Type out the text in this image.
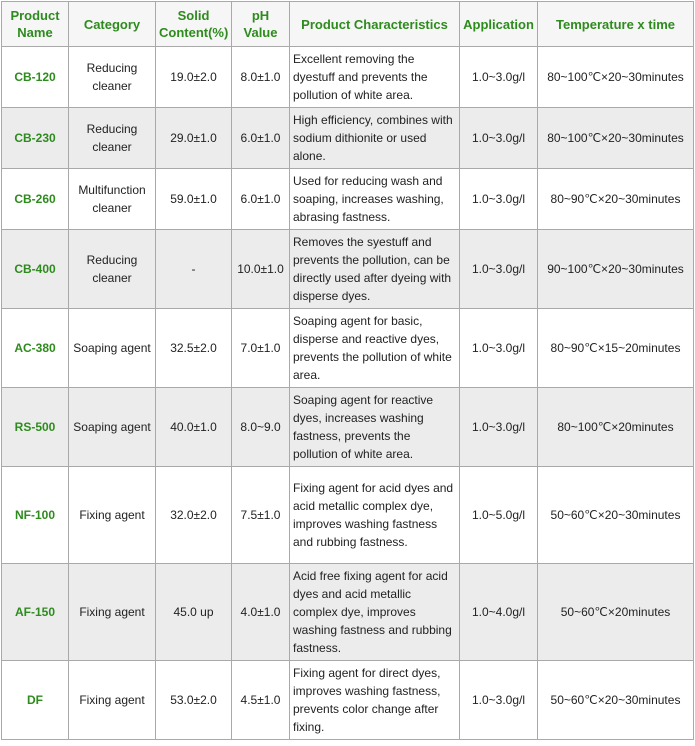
Product Name	Category	Solid Content(%)	pH Value	Product Characteristics	Application	Temperature x time
CB-120	Reducing cleaner	19.0±2.0	8.0±1.0	Excellent removing the dyestuff and prevents the pollution of white area.	1.0~3.0g/l	80~100℃×20~30minutes
CB-230	Reducing cleaner	29.0±1.0	6.0±1.0	High efficiency, combines with sodium dithionite or used alone.	1.0~3.0g/l	80~100℃×20~30minutes
CB-260	Multifunction cleaner	59.0±1.0	6.0±1.0	Used for reducing wash and soaping, increases washing, abrasing fastness.	1.0~3.0g/l	80~90℃×20~30minutes
CB-400	Reducing cleaner	-	10.0±1.0	Removes the syestuff and prevents the pollution, can be directly used after dyeing with disperse dyes.	1.0~3.0g/l	90~100℃×20~30minutes
AC-380	Soaping agent	32.5±2.0	7.0±1.0	Soaping agent for basic, disperse and reactive dyes, prevents the pollution of white area.	1.0~3.0g/l	80~90℃×15~20minutes
RS-500	Soaping agent	40.0±1.0	8.0~9.0	Soaping agent for reactive dyes, increases washing fastness, prevents the pollution of white area.	1.0~3.0g/l	80~100℃×20minutes
NF-100	Fixing agent	32.0±2.0	7.5±1.0	Fixing agent for acid dyes and acid metallic complex dye, improves washing fastness and rubbing fastness.	1.0~5.0g/l	50~60℃×20~30minutes
AF-150	Fixing agent	45.0 up	4.0±1.0	Acid free fixing agent for acid dyes and acid metallic complex dye, improves washing fastness and rubbing fastness.	1.0~4.0g/l	50~60℃×20minutes
DF	Fixing agent	53.0±2.0	4.5±1.0	Fixing agent for direct dyes, improves washing fastness, prevents color change after fixing.	1.0~3.0g/l	50~60℃×20~30minutes
